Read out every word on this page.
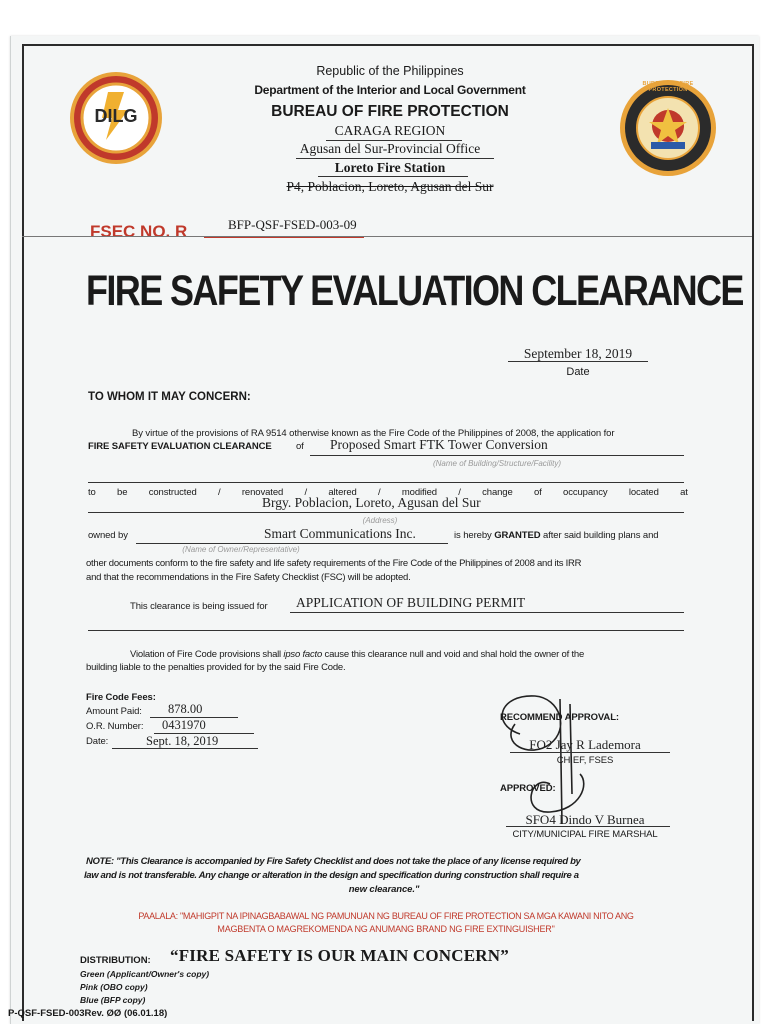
DILG
BUREAU OF FIRE PROTECTION
Republic of the Philippines
Department of the Interior and Local Government
BUREAU OF FIRE PROTECTION
CARAGA REGION
Agusan del Sur-Provincial Office
Loreto Fire Station
P4, Poblacion, Loreto, Agusan del Sur
FSEC NO. R	BFP-QSF-FSED-003-09
FIRE SAFETY EVALUATION CLEARANCE
September 18, 2019
Date
TO WHOM IT MAY CONCERN:
By virtue of the provisions of RA 9514 otherwise known as the Fire Code of the Philippines of 2008, the application for
FIRE SAFETY EVALUATION CLEARANCE	of Proposed Smart FTK Tower Conversion
(Name of Building/Structure/Facility)
to be constructed / renovated / altered / modified / change of occupancy located at
Brgy. Poblacion, Loreto, Agusan del Sur
(Address)
owned by	Smart Communications Inc.
(Name of Owner/Representative)
is hereby GRANTED after said building plans and
other documents conform to the fire safety and life safety requirements of the Fire Code of the Philippines of 2008 and its IRR
and that the recommendations in the Fire Safety Checklist (FSC) will be adopted.
This clearance is being issued for APPLICATION OF BUILDING PERMIT
Violation of Fire Code provisions shall ipso facto cause this clearance null and void and shal hold the owner of the
building liable to the penalties provided for by the said Fire Code.
Fire Code Fees:
Amount Paid: 878.00
O.R. Number: 0431970
Date:	Sept. 18, 2019
RECOMMEND APPROVAL:
FO2 Jay R Lademora
CHIEF, FSES
APPROVED:
SFO4 Dindo V Burnea
CITY/MUNICIPAL FIRE MARSHAL
NOTE: "This Clearance is accompanied by Fire Safety Checklist and does not take the place of any license required by
law and is not transferable. Any change or alteration in the design and specification during construction shall require a
new clearance."
PAALALA: "MAHIGPIT NA IPINAGBABAWAL NG PAMUNUAN NG BUREAU OF FIRE PROTECTION SA MGA KAWANI NITO ANG
MAGBENTA O MAGREKOMENDA NG ANUMANG BRAND NG FIRE EXTINGUISHER"
DISTRIBUTION: “FIRE SAFETY IS OUR MAIN CONCERN”
Green (Applicant/Owner's copy)
Pink (OBO copy)
Blue (BFP copy)
P-QSF-FSED-003Rev. ØØ (06.01.18)
